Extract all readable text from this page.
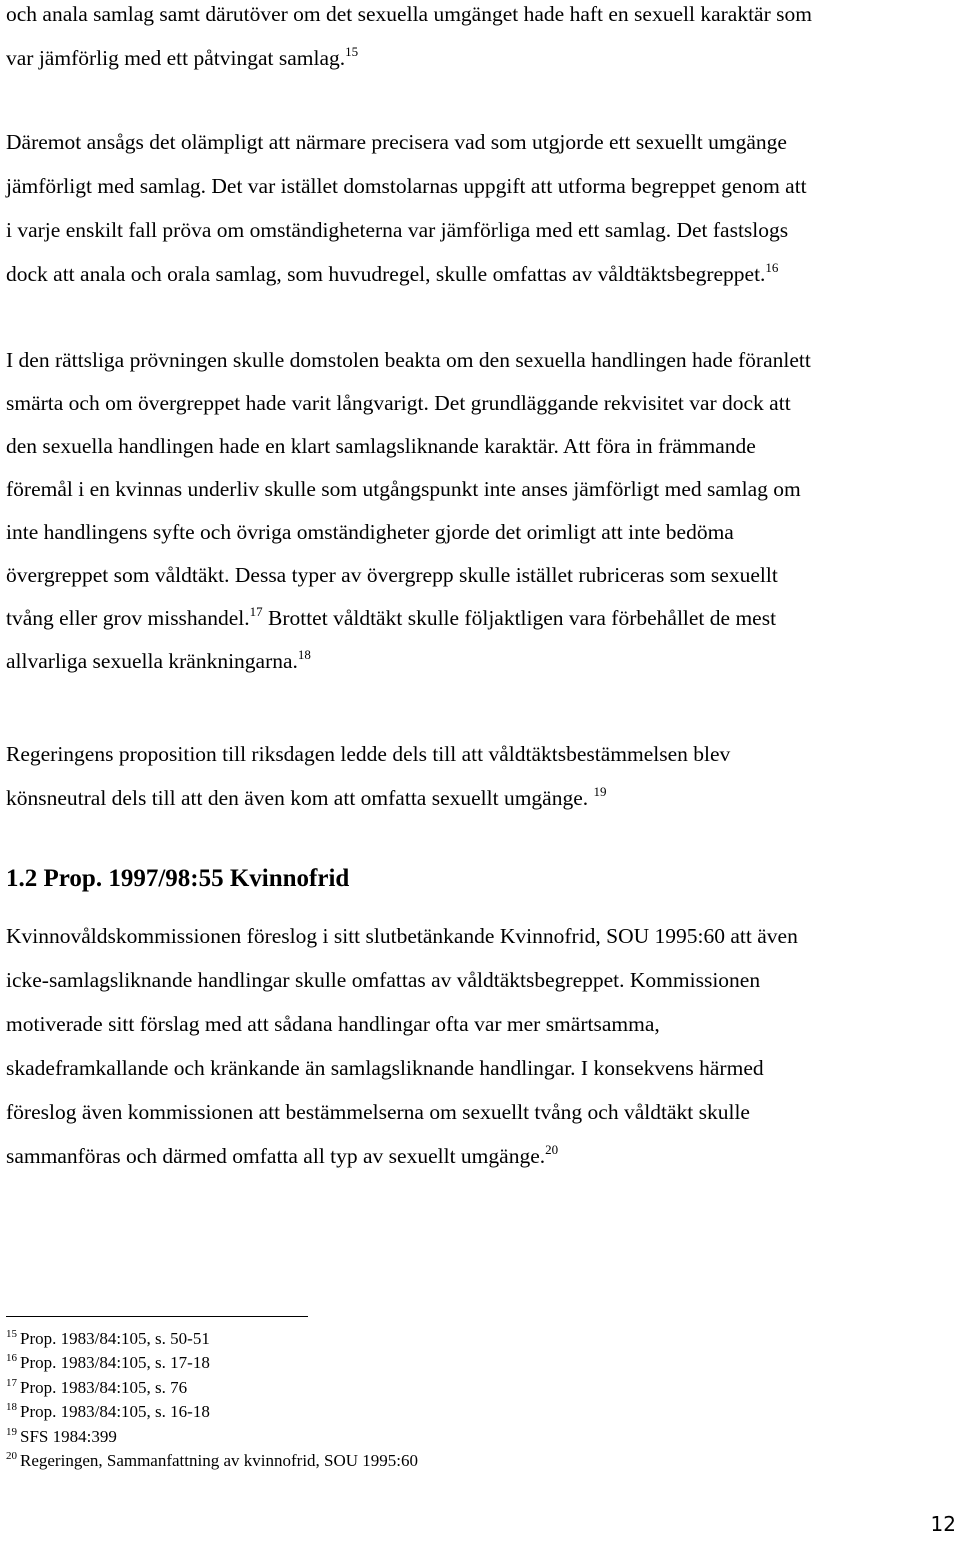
och anala samlag samt därutöver om det sexuella umgänget hade haft en sexuell karaktär som
var jämförlig med ett påtvingat samlag.$^{15}$

Däremot ansågs det olämpligt att närmare precisera vad som utgjorde ett sexuellt umgänge
jämförligt med samlag. Det var istället domstolarnas uppgift att utforma begreppet genom att
i varje enskilt fall pröva om omständigheterna var jämförliga med ett samlag. Det fastslogs
dock att anala och orala samlag, som huvudregel, skulle omfattas av våldtäktsbegreppet.$^{16}$

I den rättsliga prövningen skulle domstolen beakta om den sexuella handlingen hade föranlett
smärta och om övergreppet hade varit långvarigt. Det grundläggande rekvisitet var dock att
den sexuella handlingen hade en klart samlagsliknande karaktär. Att föra in främmande
föremål i en kvinnas underliv skulle som utgångspunkt inte anses jämförligt med samlag om
inte handlingens syfte och övriga omständigheter gjorde det orimligt att inte bedöma
övergreppet som våldtäkt. Dessa typer av övergrepp skulle istället rubriceras som sexuellt
tvång eller grov misshandel.$^{17}$ Brottet våldtäkt skulle följaktligen vara förbehållet de mest
allvarliga sexuella kränkningarna.$^{18}$

Regeringens proposition till riksdagen ledde dels till att våldtäktsbestämmelsen blev
könsneutral dels till att den även kom att omfatta sexuellt umgänge. $^{19}$

1.2 Prop. 1997/98:55 Kvinnofrid

Kvinnovåldskommissionen föreslog i sitt slutbetänkande Kvinnofrid, SOU 1995:60 att även
icke-samlagsliknande handlingar skulle omfattas av våldtäktsbegreppet. Kommissionen
motiverade sitt förslag med att sådana handlingar ofta var mer smärtsamma,
skadeframkallande och kränkande än samlagsliknande handlingar. I konsekvens härmed
föreslog även kommissionen att bestämmelserna om sexuellt tvång och våldtäkt skulle
sammanföras och därmed omfatta all typ av sexuellt umgänge.$^{20}$

$^{15}$ Prop. 1983/84:105, s. 50-51
$^{16}$ Prop. 1983/84:105, s. 17-18
$^{17}$ Prop. 1983/84:105, s. 76
$^{18}$ Prop. 1983/84:105, s. 16-18
$^{19}$ SFS 1984:399
$^{20}$ Regeringen, Sammanfattning av kvinnofrid, SOU 1995:60
12
